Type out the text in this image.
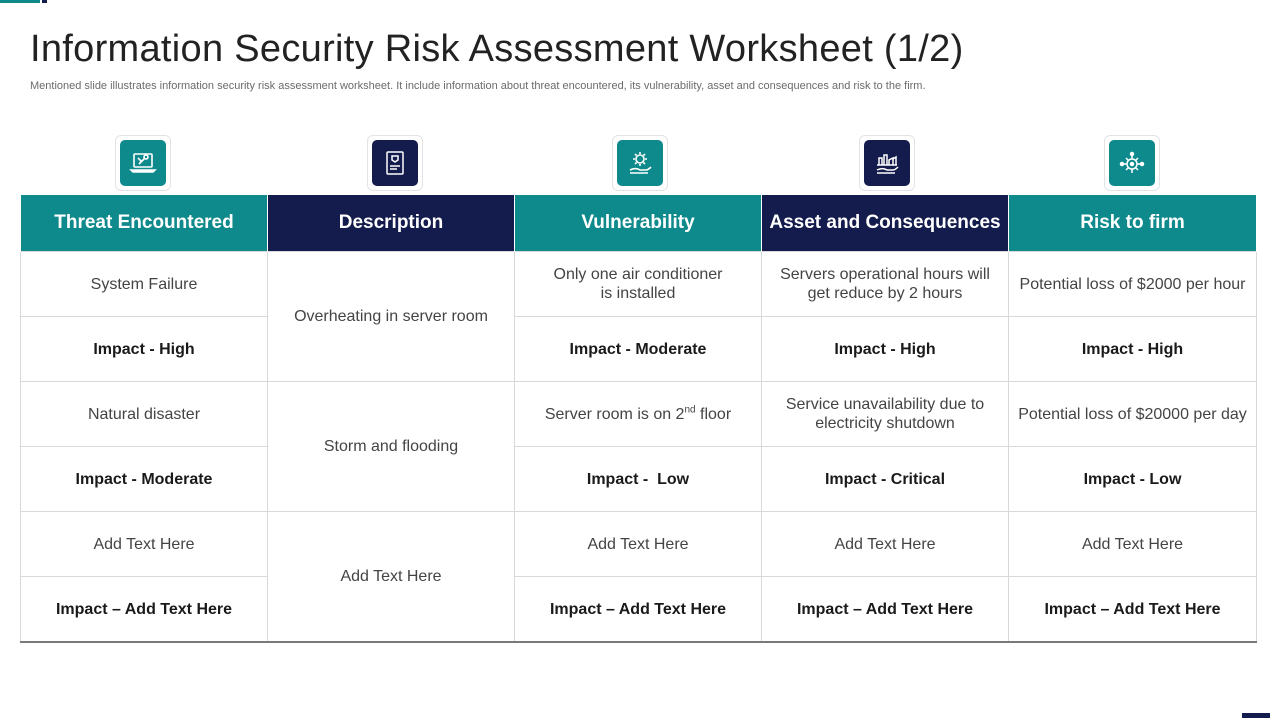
Information Security Risk Assessment Worksheet (1/2)

Mentioned slide illustrates information security risk assessment worksheet. It include information about threat encountered, its vulnerability, asset and consequences and risk to the firm.

Threat Encountered	Description	Vulnerability	Asset and Consequences	Risk to firm
System Failure	Overheating in server room	Only one air conditioner is installed	Servers operational hours will get reduce by 2 hours	Potential loss of $2000 per hour
Impact - High		Impact - Moderate	Impact - High	Impact - High
Natural disaster	Storm and flooding	Server room is on 2nd floor	Service unavailability due to electricity shutdown	Potential loss of $20000 per day
Impact - Moderate		Impact -  Low	Impact - Critical	Impact - Low
Add Text Here	Add Text Here	Add Text Here	Add Text Here	Add Text Here
Impact – Add Text Here		Impact – Add Text Here	Impact – Add Text Here	Impact – Add Text Here
